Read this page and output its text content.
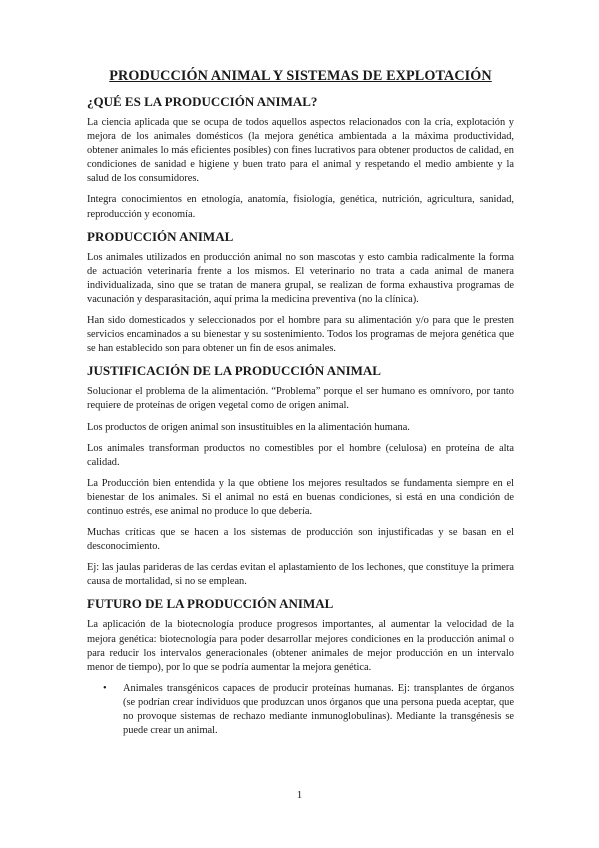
PRODUCCIÓN ANIMAL Y SISTEMAS DE EXPLOTACIÓN
¿QUÉ ES LA PRODUCCIÓN ANIMAL?

La ciencia aplicada que se ocupa de todos aquellos aspectos relacionados con la cría, explotación y mejora de los animales domésticos (la mejora genética ambientada a la máxima productividad, obtener animales lo más eficientes posibles) con fines lucrativos para obtener productos de calidad, en condiciones de sanidad e higiene y buen trato para el animal y respetando el medio ambiente y la salud de los consumidores.

Integra conocimientos en etnología, anatomía, fisiología, genética, nutrición, agricultura, sanidad, reproducción y economía.

PRODUCCIÓN ANIMAL

Los animales utilizados en producción animal no son mascotas y esto cambia radicalmente la forma de actuación veterinaria frente a los mismos. El veterinario no trata a cada animal de manera individualizada, sino que se tratan de manera grupal, se realizan de forma exhaustiva programas de vacunación y desparasitación, aquí prima la medicina preventiva (no la clínica).

Han sido domesticados y seleccionados por el hombre para su alimentación y/o para que le presten servicios encaminados a su bienestar y su sostenimiento. Todos los programas de mejora genética que se han establecido son para obtener un fin de esos animales.

JUSTIFICACIÓN DE LA PRODUCCIÓN ANIMAL

Solucionar el problema de la alimentación. “Problema” porque el ser humano es omnívoro, por tanto requiere de proteínas de origen vegetal como de origen animal.

Los productos de origen animal son insustituibles en la alimentación humana.

Los animales transforman productos no comestibles por el hombre (celulosa) en proteína de alta calidad.

La Producción bien entendida y la que obtiene los mejores resultados se fundamenta siempre en el bienestar de los animales. Si el animal no está en buenas condiciones, si está en una condición de continuo estrés, ese animal no produce lo que debería.

Muchas críticas que se hacen a los sistemas de producción son injustificadas y se basan en el desconocimiento.

Ej: las jaulas parideras de las cerdas evitan el aplastamiento de los lechones, que constituye la primera causa de mortalidad, si no se emplean.

FUTURO DE LA PRODUCCIÓN ANIMAL

La aplicación de la biotecnología produce progresos importantes, al aumentar la velocidad de la mejora genética: biotecnología para poder desarrollar mejores condiciones en la producción animal o para reducir los intervalos generacionales (obtener animales de mejor producción en un intervalo menor de tiempo), por lo que se podría aumentar la mejora genética.

• Animales transgénicos capaces de producir proteínas humanas. Ej: transplantes de órganos (se podrían crear individuos que produzcan unos órganos que una persona pueda aceptar, que no provoque sistemas de rechazo mediante inmunoglobulinas). Mediante la transgénesis se puede crear un animal.
1
